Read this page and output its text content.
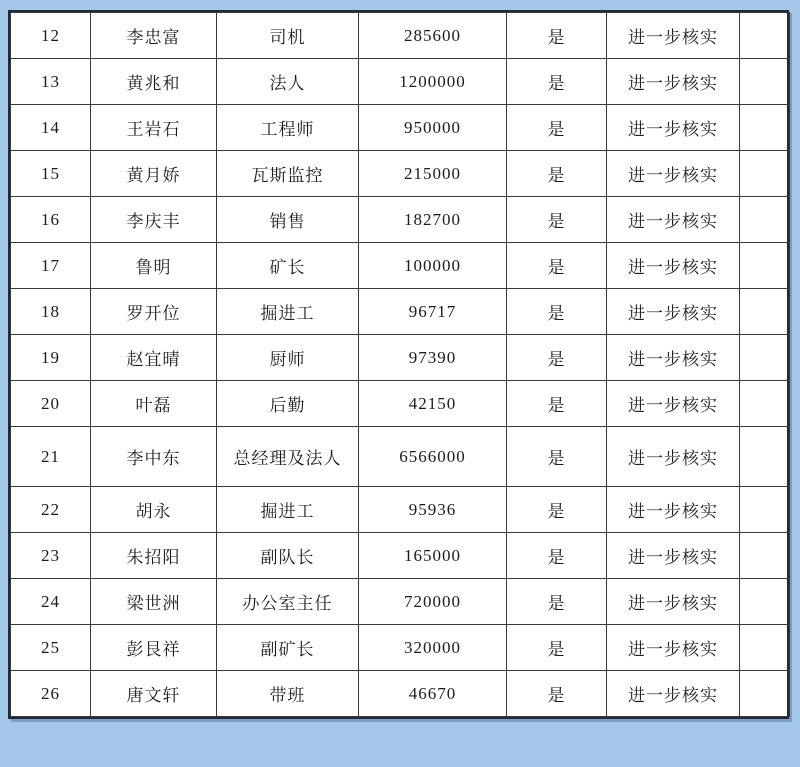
12	李忠富	司机	285600	是	进一步核实	
13	黄兆和	法人	1200000	是	进一步核实	
14	王岩石	工程师	950000	是	进一步核实	
15	黄月娇	瓦斯监控	215000	是	进一步核实	
16	李庆丰	销售	182700	是	进一步核实	
17	鲁明	矿长	100000	是	进一步核实	
18	罗开位	掘进工	96717	是	进一步核实	
19	赵宜晴	厨师	97390	是	进一步核实	
20	叶磊	后勤	42150	是	进一步核实	
21	李中东	总经理及法人	6566000	是	进一步核实	
22	胡永	掘进工	95936	是	进一步核实	
23	朱招阳	副队长	165000	是	进一步核实	
24	梁世洲	办公室主任	720000	是	进一步核实	
25	彭艮祥	副矿长	320000	是	进一步核实	
26	唐文轩	带班	46670	是	进一步核实	
